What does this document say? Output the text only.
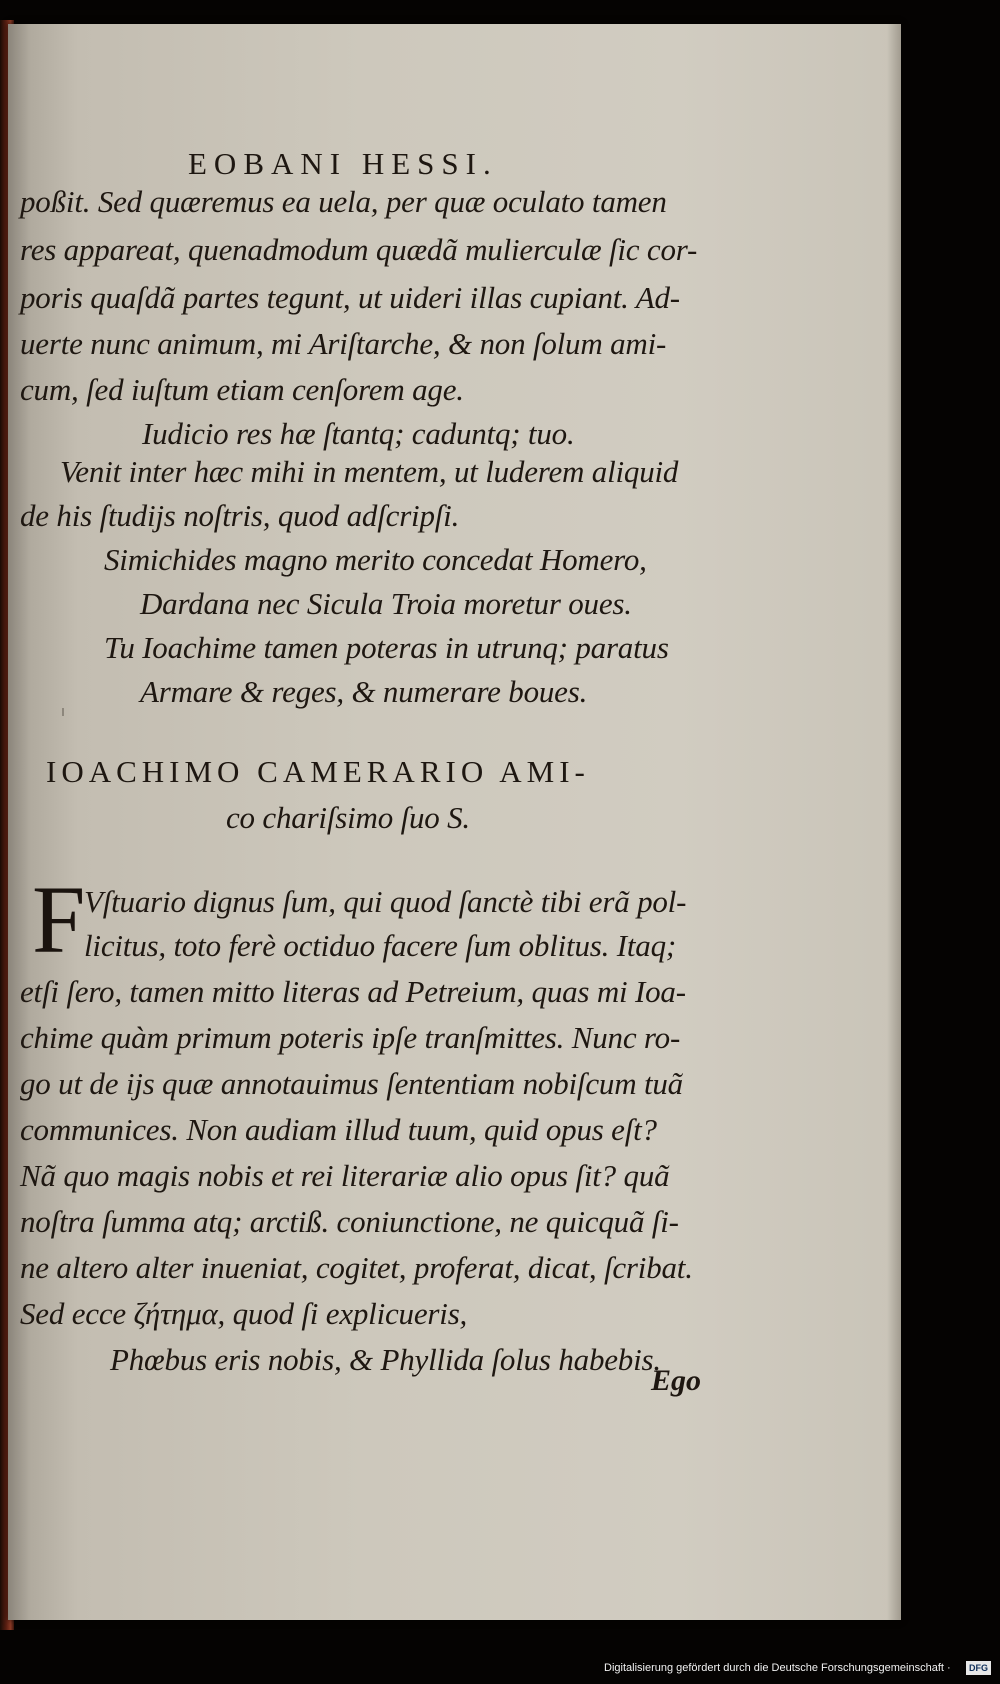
EOBANI HESSI.

poßit. Sed quæremus ea uela, per quæ oculato tamen

res appareat, quenadmodum quædã mulierculæ ſic cor-

poris quaſdã partes tegunt, ut uideri illas cupiant. Ad-

uerte nunc animum, mi Ariſtarche, & non ſolum ami-

cum, ſed iuſtum etiam cenſorem age.

Iudicio res hæ ſtantq; caduntq; tuo.

Venit inter hæc mihi in mentem, ut luderem aliquid

de his ſtudijs noſtris, quod adſcripſi.

Simichides magno merito concedat Homero,

Dardana nec Sicula Troia moretur oues.

Tu Ioachime tamen poteras in utrunq; paratus

Armare & reges, & numerare boues.

IOACHIMO CAMERARIO AMI-

co chariſsimo ſuo S.

F

Vſtuario dignus ſum, qui quod ſanctè tibi erã pol-

licitus, toto ferè octiduo facere ſum oblitus. Itaq;

etſi ſero, tamen mitto literas ad Petreium, quas mi Ioa-

chime quàm primum poteris ipſe tranſmittes. Nunc ro-

go ut de ijs quæ annotauimus ſententiam nobiſcum tuã

communices. Non audiam illud tuum, quid opus eſt?

Nã quo magis nobis et rei literariæ alio opus ſit? quã

noſtra ſumma atq; arctiß. coniunctione, ne quicquã ſi-

ne altero alter inueniat, cogitet, proferat, dicat, ſcribat.

Sed ecce ζήτημα, quod ſi explicueris,

Phœbus eris nobis, & Phyllida ſolus habebis.

Ego

Digitalisierung gefördert durch die Deutsche Forschungsgemeinschaft ·	DFG
